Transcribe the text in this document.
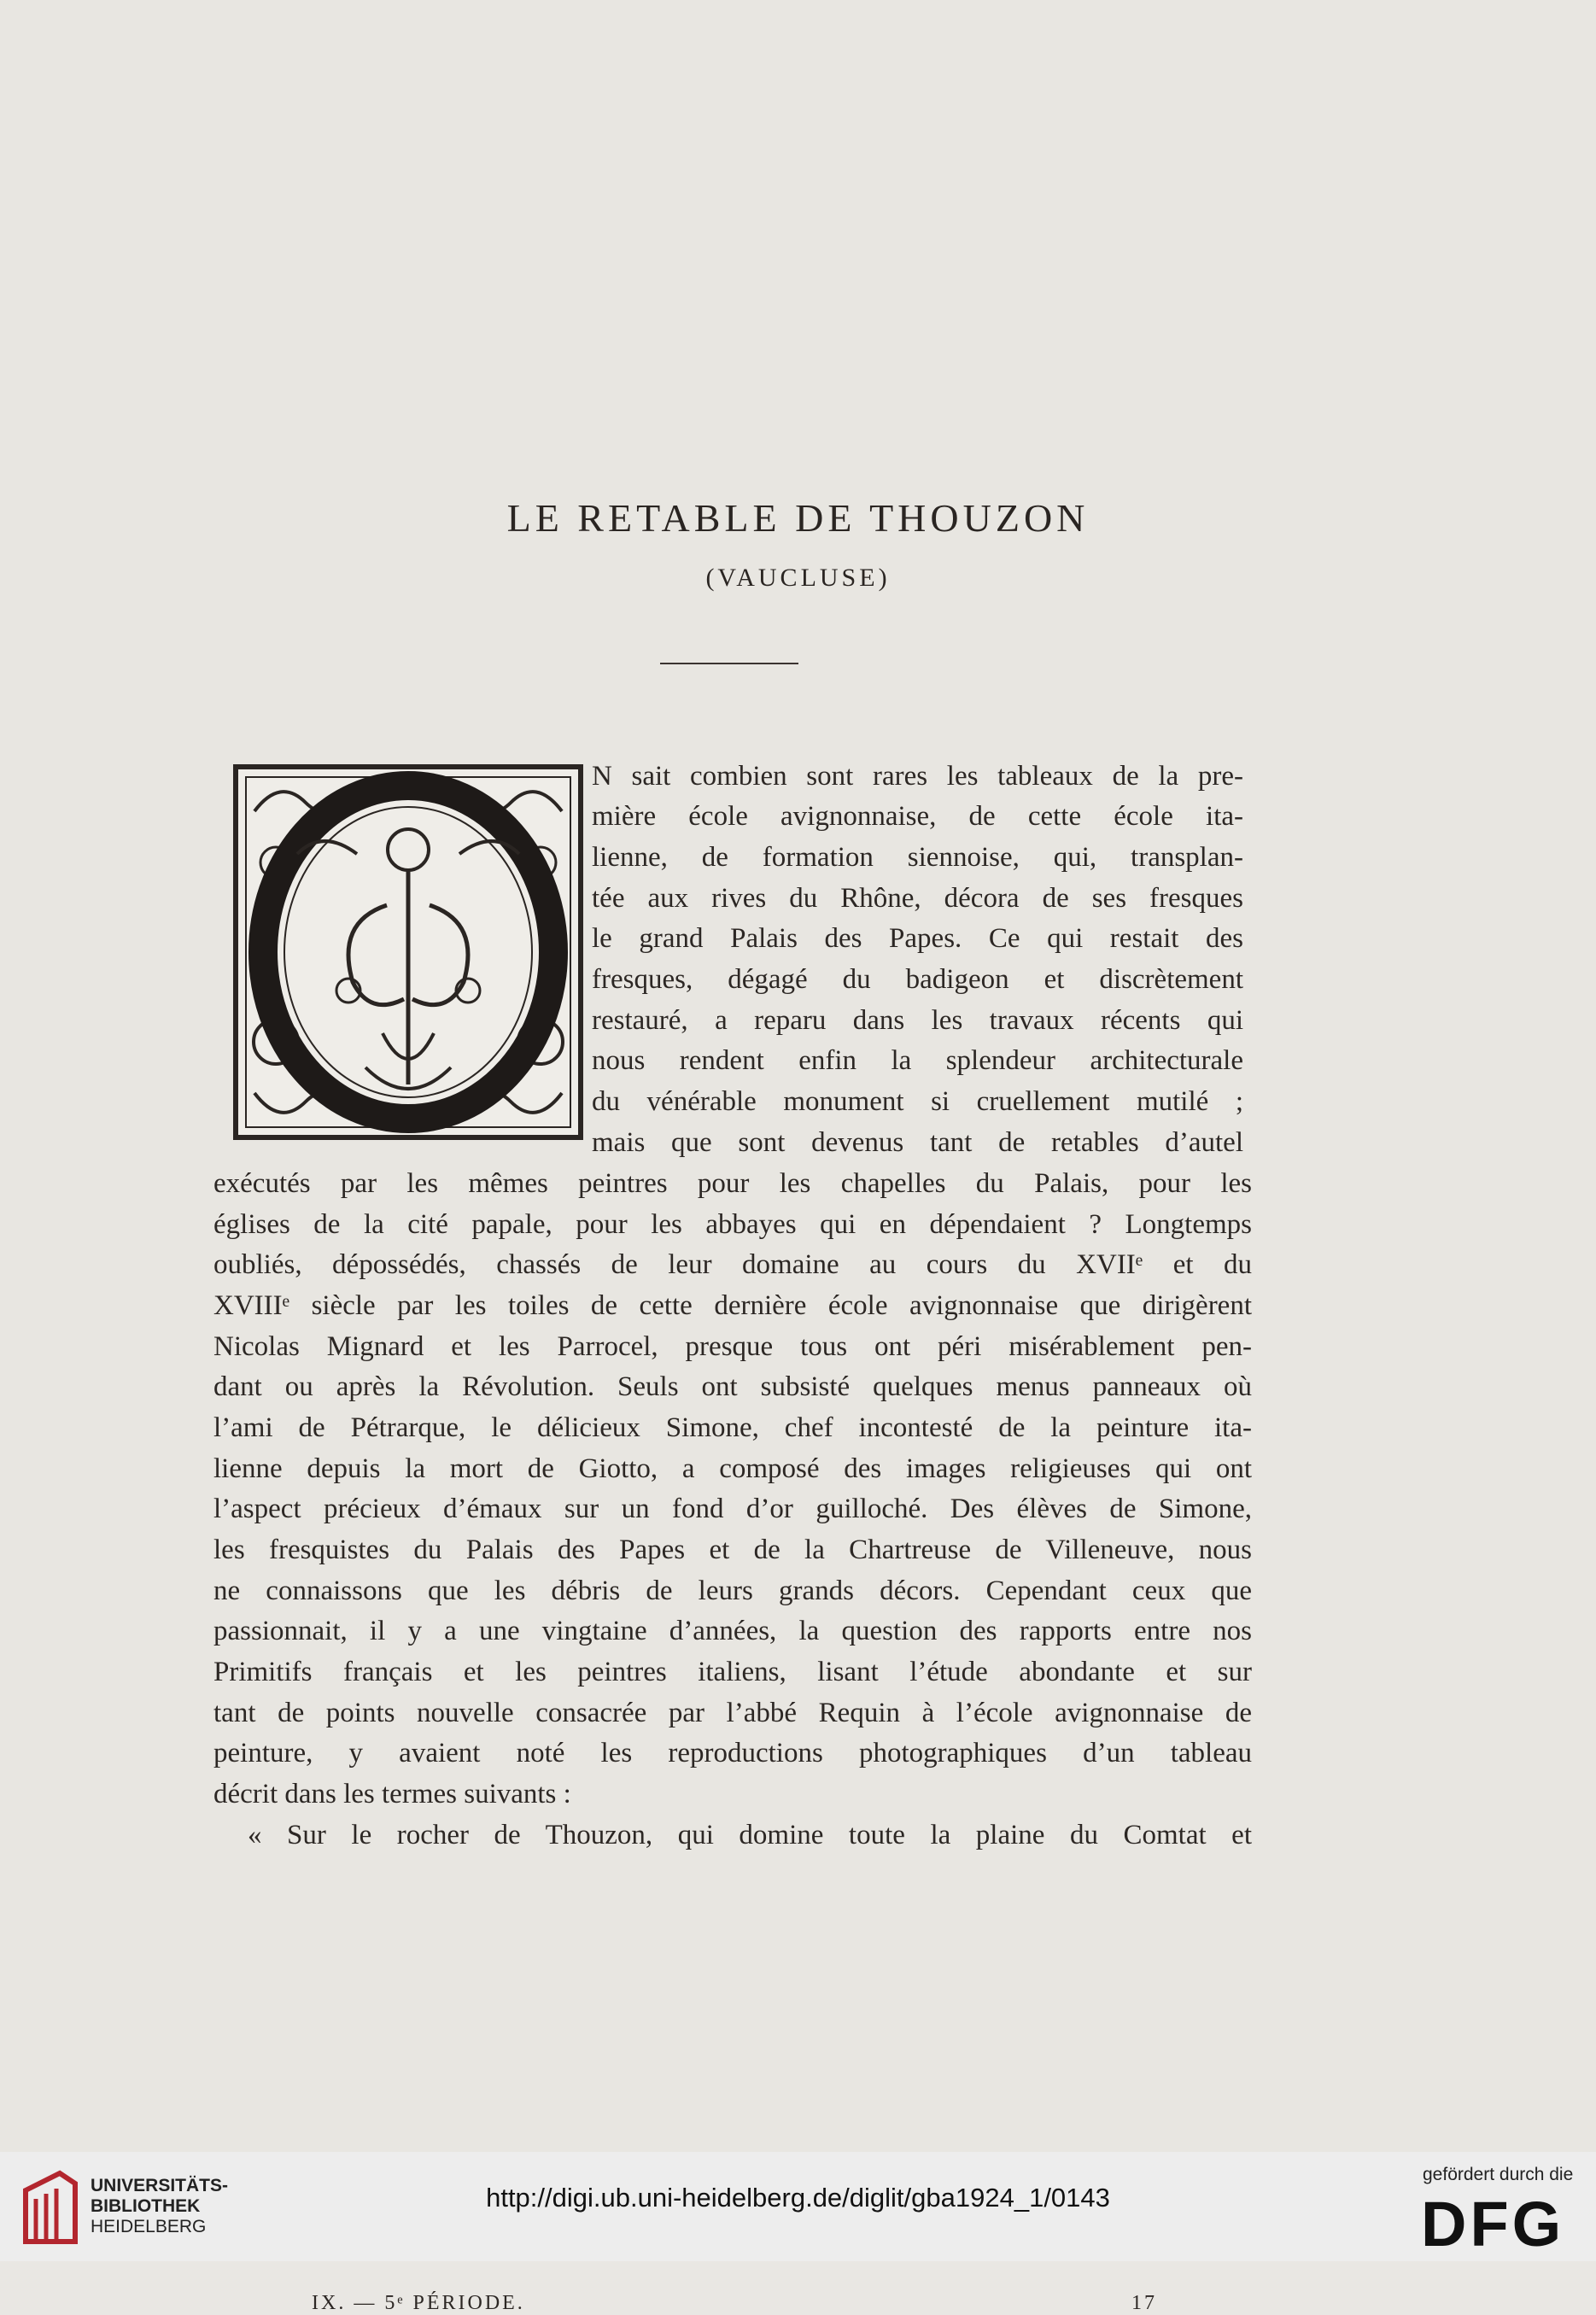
LE RETABLE DE THOUZON
(VAUCLUSE)
N sait combien sont rares les tableaux de la pre-
mière école avignonnaise, de cette école ita-
lienne, de formation siennoise, qui, transplan-
tée aux rives du Rhône, décora de ses fresques
le grand Palais des Papes. Ce qui restait des
fresques, dégagé du badigeon et discrètement
restauré, a reparu dans les travaux récents qui
nous rendent enfin la splendeur architecturale
du vénérable monument si cruellement mutilé ;
mais que sont devenus tant de retables d’autel
exécutés par les mêmes peintres pour les chapelles du Palais, pour les
églises de la cité papale, pour les abbayes qui en dépendaient ? Longtemps
oubliés, dépossédés, chassés de leur domaine au cours du XVIIᵉ et du
XVIIIᵉ siècle par les toiles de cette dernière école avignonnaise que dirigèrent
Nicolas Mignard et les Parrocel, presque tous ont péri misérablement pen-
dant ou après la Révolution. Seuls ont subsisté quelques menus panneaux où
l’ami de Pétrarque, le délicieux Simone, chef incontesté de la peinture ita-
lienne depuis la mort de Giotto, a composé des images religieuses qui ont
l’aspect précieux d’émaux sur un fond d’or guilloché. Des élèves de Simone,
les fresquistes du Palais des Papes et de la Chartreuse de Villeneuve, nous
ne connaissons que les débris de leurs grands décors. Cependant ceux que
passionnait, il y a une vingtaine d’années, la question des rapports entre nos
Primitifs français et les peintres italiens, lisant l’étude abondante et sur
tant de points nouvelle consacrée par l’abbé Requin à l’école avignonnaise de
peinture, y avaient noté les reproductions photographiques d’un tableau
décrit dans les termes suivants :
« Sur le rocher de Thouzon, qui domine toute la plaine du Comtat et
IX. — 5ᵉ PÉRIODE.	17
UNIVERSITÄTS-
BIBLIOTHEK
HEIDELBERG
http://digi.ub.uni-heidelberg.de/diglit/gba1924_1/0143
gefördert durch die
DFG
